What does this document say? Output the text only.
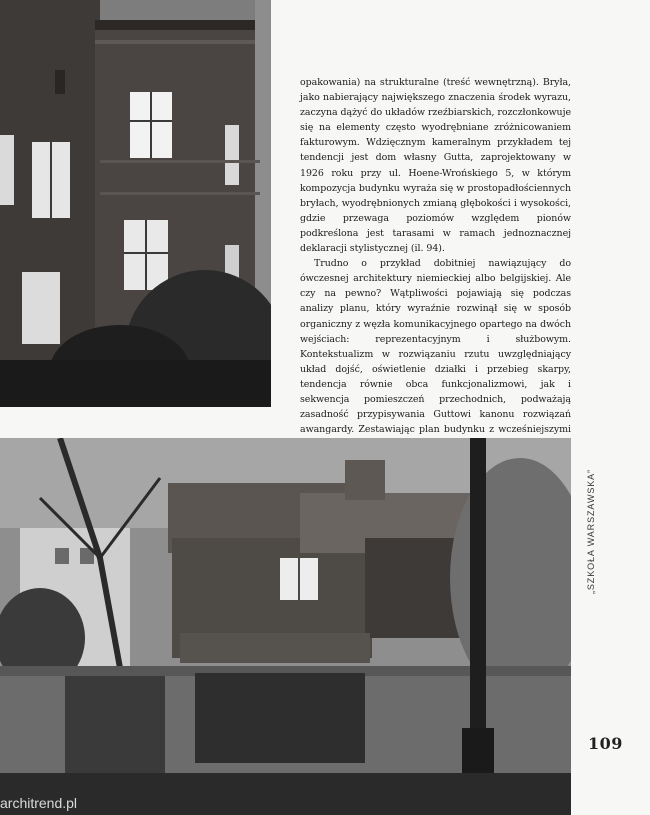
opakowania) na strukturalne (treść wewnętrzną). Bryła, jako nabierający największego znaczenia środek wyrazu, zaczyna dążyć do układów rzeźbiarskich, rozczłonkowuje się na elementy często wyodrębniane zróżnicowaniem fakturowym. Wdzięcznym kameralnym przykładem tej tendencji jest dom własny Gutta, zaprojektowany w 1926 roku przy ul. Hoene-Wrońskiego 5, w którym kompozycja budynku wyraża się w prostopadłościennych bryłach, wyodrębnionych zmianą głębokości i wysokości, gdzie przewaga poziomów względem pionów podkreślona jest tarasami w ramach jednoznacznej deklaracji stylistycznej (il. 94).

Trudno o przykład dobitniej nawiązujący do ówczesnej architektury niemieckiej albo belgijskiej. Ale czy na pewno? Wątpliwości pojawiają się podczas analizy planu, który wyraźnie rozwinął się w sposób organiczny z węzła komunikacyjnego opartego na dwóch wejściach: reprezentacyjnym i służbowym. Kontekstualizm w rozwiązaniu rzutu uwzględniający układ dojść, oświetlenie działki i przebieg skarpy, tendencja równie obca funkcjonalizmowi, jak i sekwencja pomieszczeń przechodnich, podważają zasadność przypisywania Guttowi kanonu rozwiązań awangardy. Zestawiając plan budynku z wcześniejszymi

„SZKOŁA WARSZAWSKA”
109
architrend.pl
